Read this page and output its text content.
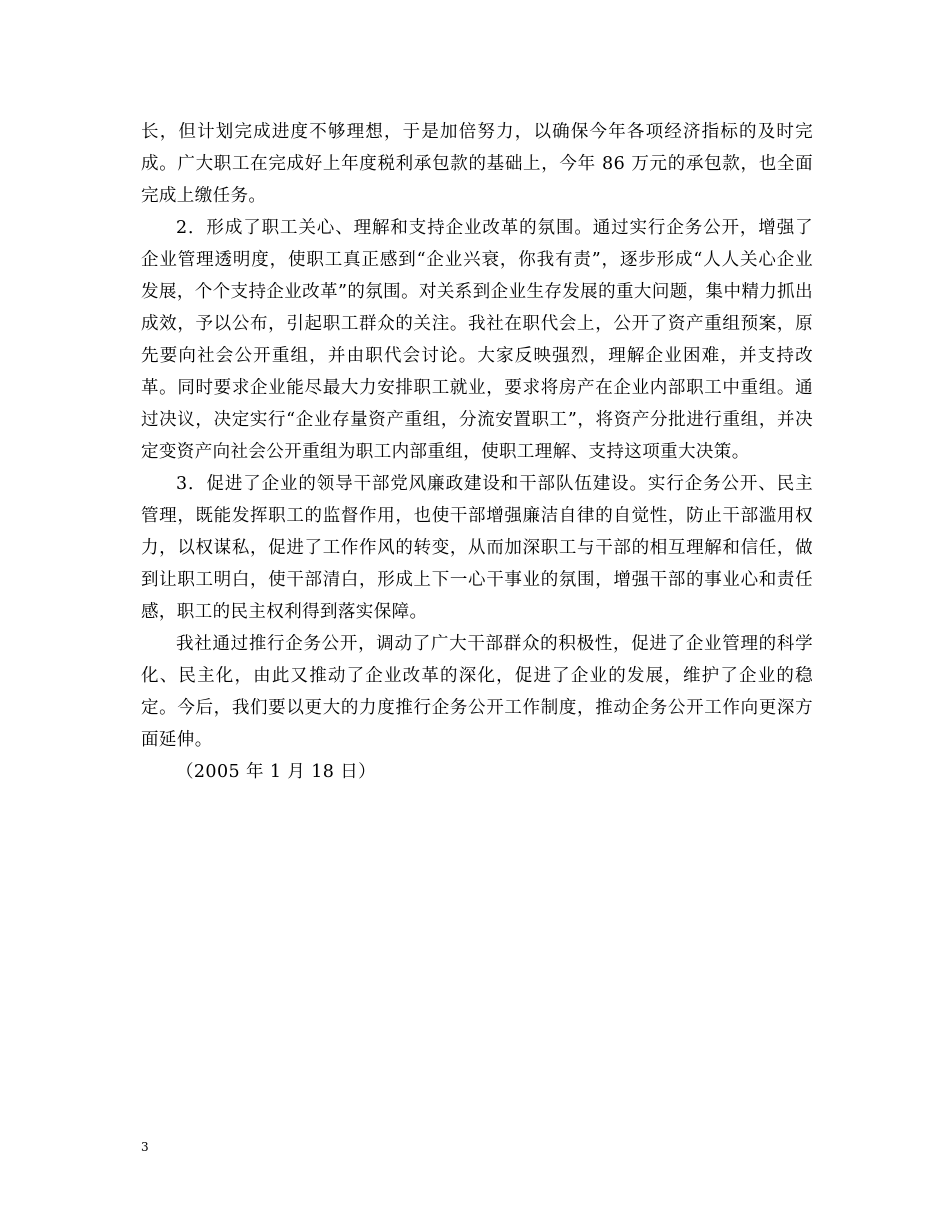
长，但计划完成进度不够理想，于是加倍努力，以确保今年各项经济指标的及时完成。广大职工在完成好上年度税利承包款的基础上，今年 86 万元的承包款，也全面完成上缴任务。

2．形成了职工关心、理解和支持企业改革的氛围。通过实行企务公开，增强了企业管理透明度，使职工真正感到“企业兴衰，你我有责”，逐步形成“人人关心企业发展，个个支持企业改革”的氛围。对关系到企业生存发展的重大问题，集中精力抓出成效，予以公布，引起职工群众的关注。我社在职代会上，公开了资产重组预案，原先要向社会公开重组，并由职代会讨论。大家反映强烈，理解企业困难，并支持改革。同时要求企业能尽最大力安排职工就业，要求将房产在企业内部职工中重组。通过决议，决定实行“企业存量资产重组，分流安置职工”，将资产分批进行重组，并决定变资产向社会公开重组为职工内部重组，使职工理解、支持这项重大决策。

3．促进了企业的领导干部党风廉政建设和干部队伍建设。实行企务公开、民主管理，既能发挥职工的监督作用，也使干部增强廉洁自律的自觉性，防止干部滥用权力，以权谋私，促进了工作作风的转变，从而加深职工与干部的相互理解和信任，做到让职工明白，使干部清白，形成上下一心干事业的氛围，增强干部的事业心和责任感，职工的民主权利得到落实保障。

我社通过推行企务公开，调动了广大干部群众的积极性，促进了企业管理的科学化、民主化，由此又推动了企业改革的深化，促进了企业的发展，维护了企业的稳定。今后，我们要以更大的力度推行企务公开工作制度，推动企务公开工作向更深方面延伸。

（2005 年 1 月 18 日）

3
